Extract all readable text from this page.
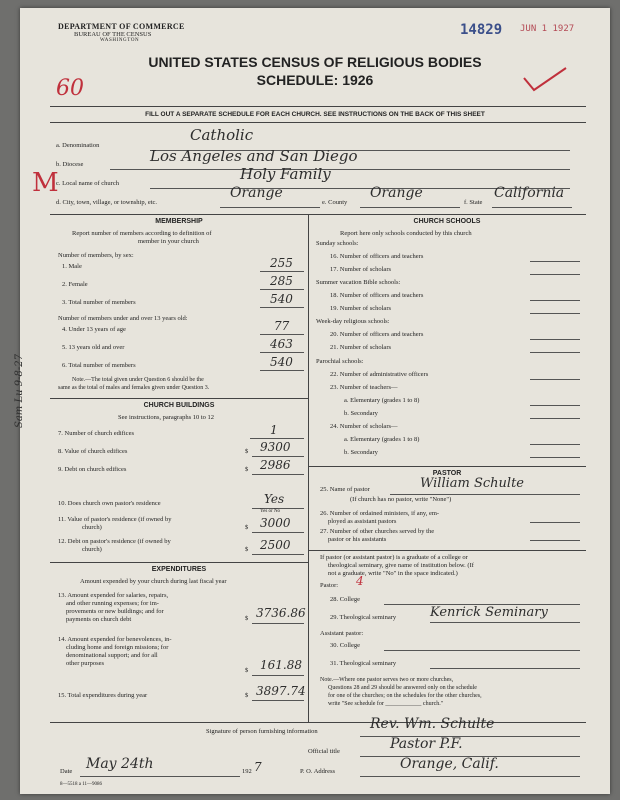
DEPARTMENT OF COMMERCE
BUREAU OF THE CENSUS
WASHINGTON
14829 JUN 1 1927
60
UNITED STATES CENSUS OF RELIGIOUS BODIES
SCHEDULE: 1926
FILL OUT A SEPARATE SCHEDULE FOR EACH CHURCH. SEE INSTRUCTIONS ON THE BACK OF THIS SHEET
a. Denomination
Catholic
b. Diocese	Los Angeles and San Diego
c. Local name of church
Holy Family
d. City, town, village, or township, etc.
Orange
e. County
Orange
f. State
California
M
MEMBERSHIP
Report number of members according to definition of
member in your church
Number of members, by sex:
1. Male	255
2. Female	285
3. Total number of members	540
Number of members under and over 13 years old:
4. Under 13 years of age	77
5. 13 years old and over	463
6. Total number of members	540
Note.—The total given under Question 6 should be the
same as the total of males and females given under Question 3.
Sam Lu 9-8-27	CHURCH BUILDINGS
See instructions, paragraphs 10 to 12
7. Number of church edifices	1
8. Value of church edifices	$ 9300
9. Debt on church edifices	$ 2986
10. Does church own pastor's residence	Yes
Yes or No
11. Value of pastor's residence (if owned by
church)	$ 3000
12. Debt on pastor's residence (if owned by
church)	$ 2500
EXPENDITURES
Amount expended by your church during last fiscal year
13. Amount expended for salaries, repairs,
and other running expenses; for im-
provements or new buildings; and for
payments on church debt	$ 3736.86
14. Amount expended for benevolences, in-
cluding home and foreign missions; for
denominational support; and for all
other purposes
$ 161.88
15. Total expenditures during year	$ 3897.74
CHURCH SCHOOLS
Report here only schools conducted by this church
Sunday schools:
16. Number of officers and teachers
17. Number of scholars
Summer vacation Bible schools:
18. Number of officers and teachers
19. Number of scholars
Week-day religious schools:
20. Number of officers and teachers
21. Number of scholars
Parochial schools:
22. Number of administrative officers
23. Number of teachers—
a. Elementary (grades 1 to 8)
b. Secondary
24. Number of scholars—
a. Elementary (grades 1 to 8)
b. Secondary
PASTOR
25. Name of pastor	William Schulte
(If church has no pastor, write "None")
26. Number of ordained ministers, if any, em-
ployed as assistant pastors
27. Number of other churches served by the
pastor or his assistants
If pastor (or assistant pastor) is a graduate of a college or
theological seminary, give name of institution below. (If
not a graduate, write "No" in the space indicated.)
Pastor: 4
28. College
29. Theological seminary	Kenrick Seminary
Assistant pastor:
30. College
31. Theological seminary
Note.—Where one pastor serves two or more churches,
Questions 28 and 29 should be answered only on the schedule
for one of the churches; on the schedules for the other churches,
write "See schedule for ____________ church."
Signature of person furnishing information	Rev. Wm. Schulte
Official title	Pastor P.F.
Date May 24th	192 7	P. O. Address	Orange, Calif.
8—5518 a 11—9086
